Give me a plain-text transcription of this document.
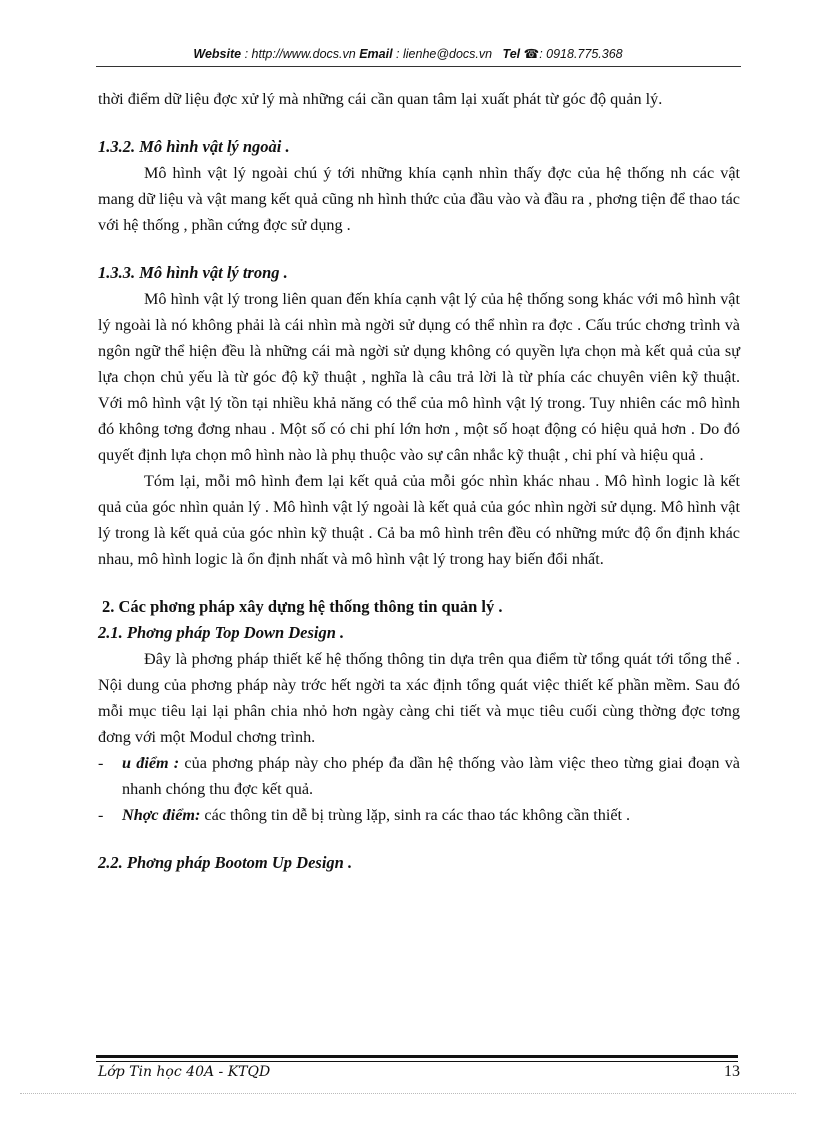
Website : http://www.docs.vn Email : lienhe@docs.vn   Tel ☎: 0918.775.368

thời điểm dữ liệu đợc xử lý mà những cái cần quan tâm lại xuất phát từ góc độ quản lý.

1.3.2. Mô hình vật lý ngoài .

Mô hình vật lý ngoài chú ý tới những khía cạnh nhìn thấy đợc của hệ thống nh các vật mang dữ liệu và vật mang kết quả cũng nh hình thức của đầu vào và đầu ra , phơng tiện để thao tác với hệ thống , phần cứng đợc sử dụng .

1.3.3. Mô hình vật lý trong .

Mô hình vật lý trong liên quan đến khía cạnh vật lý của hệ thống song khác với mô hình vật lý ngoài là nó không phải là cái nhìn mà ngời sử dụng có thể nhìn ra đợc . Cấu trúc chơng trình và ngôn ngữ thể hiện đều là những cái mà ngời sử dụng không có quyền lựa chọn mà kết quả của sự lựa chọn chủ yếu là từ góc độ kỹ thuật , nghĩa là câu trả lời là từ phía các chuyên viên kỹ thuật. Với mô hình vật lý tồn tại nhiều khả năng có thể của mô hình vật lý trong. Tuy nhiên các mô hình đó không tơng đơng nhau . Một số có chi phí lớn hơn , một số hoạt động có hiệu quả hơn . Do đó quyết định lựa chọn mô hình nào là phụ thuộc vào sự cân nhắc kỹ thuật , chi phí và hiệu quả .

Tóm lại, mỗi mô hình đem lại kết quả của mỗi góc nhìn khác nhau . Mô hình logic là kết quả của góc nhìn quản lý . Mô hình vật lý ngoài là kết quả của góc nhìn ngời sử dụng. Mô hình vật lý trong là kết quả của góc nhìn kỹ thuật . Cả ba mô hình trên đều có những mức độ ổn định khác nhau, mô hình logic là ổn định nhất và mô hình vật lý trong hay biến đổi nhất.

2. Các phơng pháp xây dựng hệ thống thông tin quản lý .
2.1. Phơng pháp Top Down Design .

Đây là phơng pháp thiết kế hệ thống thông tin dựa trên qua điểm từ tổng quát tới tổng thể . Nội dung của phơng pháp này trớc hết ngời ta xác định tổng quát việc thiết kế phần mềm. Sau đó mỗi mục tiêu lại lại phân chia nhỏ hơn ngày càng chi tiết và mục tiêu cuối cùng thờng đợc tơng đơng với một Modul chơng trình.

- u điểm : của phơng pháp này cho phép đa dần hệ thống vào làm việc theo từng giai đoạn và nhanh chóng thu đợc kết quả.
- Nhợc điểm: các thông tin dễ bị trùng lặp, sinh ra các thao tác không cần thiết .
2.2. Phơng pháp Bootom Up Design .
Lớp Tin học 40A - KTQD	13
